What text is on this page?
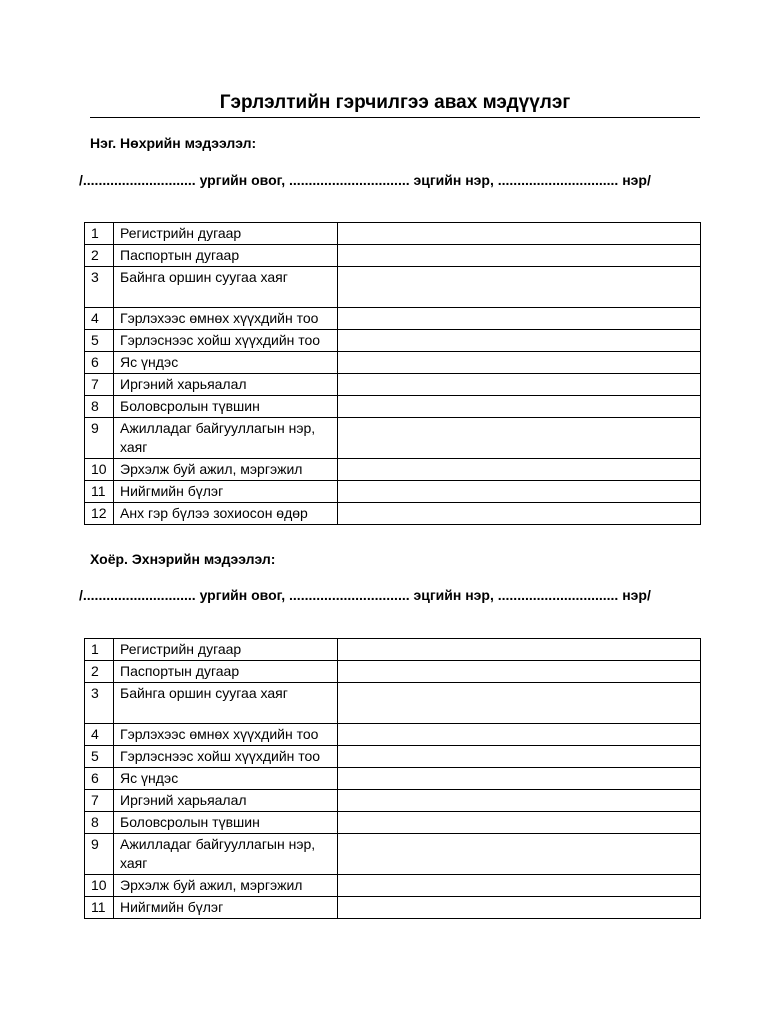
Гэрлэлтийн гэрчилгээ авах мэдүүлэг
Нэг. Нөхрийн мэдээлэл:
/............................. ургийн овог, ............................... эцгийн нэр, ............................... нэр/
1	Регистрийн дугаар	
2	Паспортын дугаар	
3	Байнга оршин суугаа хаяг	
4	Гэрлэхээс өмнөх хүүхдийн тоо	
5	Гэрлэснээс хойш хүүхдийн тоо	
6	Яс үндэс	
7	Иргэний харьяалал	
8	Боловсролын түвшин	
9	Ажилладаг байгууллагын нэр, хаяг	
10	Эрхэлж буй ажил, мэргэжил	
11	Нийгмийн бүлэг	
12	Анх гэр бүлээ зохиосон өдөр	
Хоёр. Эхнэрийн мэдээлэл:
/............................. ургийн овог, ............................... эцгийн нэр, ............................... нэр/
1	Регистрийн дугаар	
2	Паспортын дугаар	
3	Байнга оршин суугаа хаяг	
4	Гэрлэхээс өмнөх хүүхдийн тоо	
5	Гэрлэснээс хойш хүүхдийн тоо	
6	Яс үндэс	
7	Иргэний харьяалал	
8	Боловсролын түвшин	
9	Ажилладаг байгууллагын нэр, хаяг	
10	Эрхэлж буй ажил, мэргэжил	
11	Нийгмийн бүлэг	
